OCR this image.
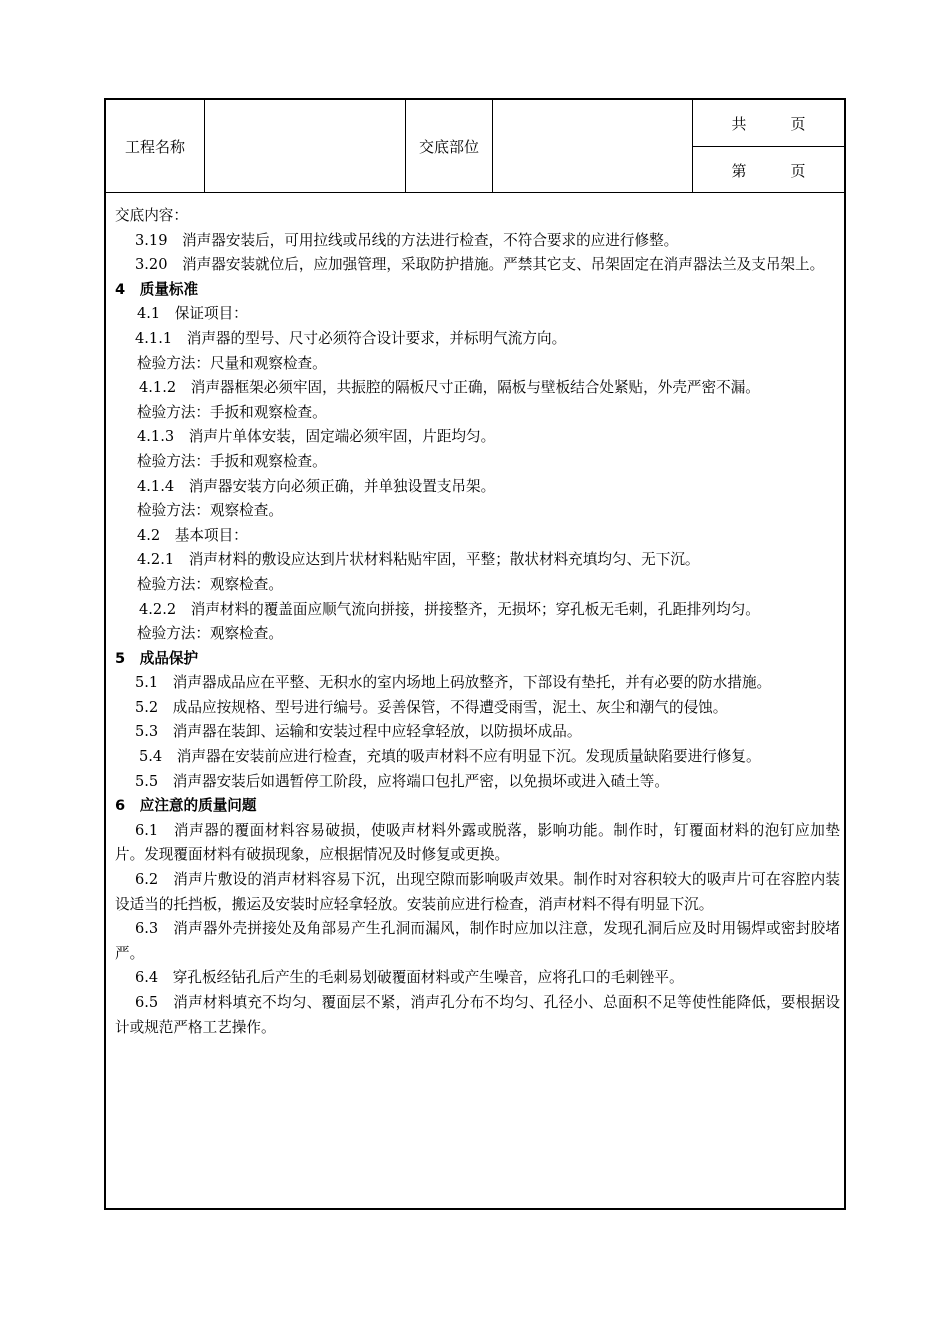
工程名称	交底部位
共	页
第	页

交底内容：

3.19　消声器安装后，可用拉线或吊线的方法进行检查，不符合要求的应进行修整。

3.20　消声器安装就位后，应加强管理，采取防护措施。严禁其它支、吊架固定在消声器法兰及支吊架上。

4　质量标准

4.1　保证项目：

4.1.1　消声器的型号、尺寸必须符合设计要求，并标明气流方向。

检验方法：尺量和观察检查。

4.1.2　消声器框架必须牢固，共振腔的隔板尺寸正确，隔板与壁板结合处紧贴，外壳严密不漏。

检验方法：手扳和观察检查。

4.1.3　消声片单体安装，固定端必须牢固，片距均匀。

检验方法：手扳和观察检查。

4.1.4　消声器安装方向必须正确，并单独设置支吊架。

检验方法：观察检查。

4.2　基本项目：

4.2.1　消声材料的敷设应达到片状材料粘贴牢固，平整；散状材料充填均匀、无下沉。

检验方法：观察检查。

4.2.2　消声材料的覆盖面应顺气流向拼接，拼接整齐，无损坏；穿孔板无毛刺，孔距排列均匀。

检验方法：观察检查。

5　成品保护

5.1　消声器成品应在平整、无积水的室内场地上码放整齐，下部设有垫托，并有必要的防水措施。

5.2　成品应按规格、型号进行编号。妥善保管，不得遭受雨雪，泥土、灰尘和潮气的侵蚀。

5.3　消声器在装卸、运输和安装过程中应轻拿轻放，以防损坏成品。

5.4　消声器在安装前应进行检查，充填的吸声材料不应有明显下沉。发现质量缺陷要进行修复。

5.5　消声器安装后如遇暂停工阶段，应将端口包扎严密，以免损坏或进入碴土等。

6　应注意的质量问题

6.1　消声器的覆面材料容易破损，使吸声材料外露或脱落，影响功能。制作时，钉覆面材料的泡钉应加垫片。发现覆面材料有破损现象，应根据情况及时修复或更换。

6.2　消声片敷设的消声材料容易下沉，出现空隙而影响吸声效果。制作时对容积较大的吸声片可在容腔内装设适当的托挡板，搬运及安装时应轻拿轻放。安装前应进行检查，消声材料不得有明显下沉。

6.3　消声器外壳拼接处及角部易产生孔洞而漏风，制作时应加以注意，发现孔洞后应及时用锡焊或密封胶堵严。

6.4　穿孔板经钻孔后产生的毛刺易划破覆面材料或产生噪音，应将孔口的毛刺锉平。

6.5　消声材料填充不均匀、覆面层不紧，消声孔分布不均匀、孔径小、总面积不足等使性能降低，要根据设计或规范严格工艺操作。
